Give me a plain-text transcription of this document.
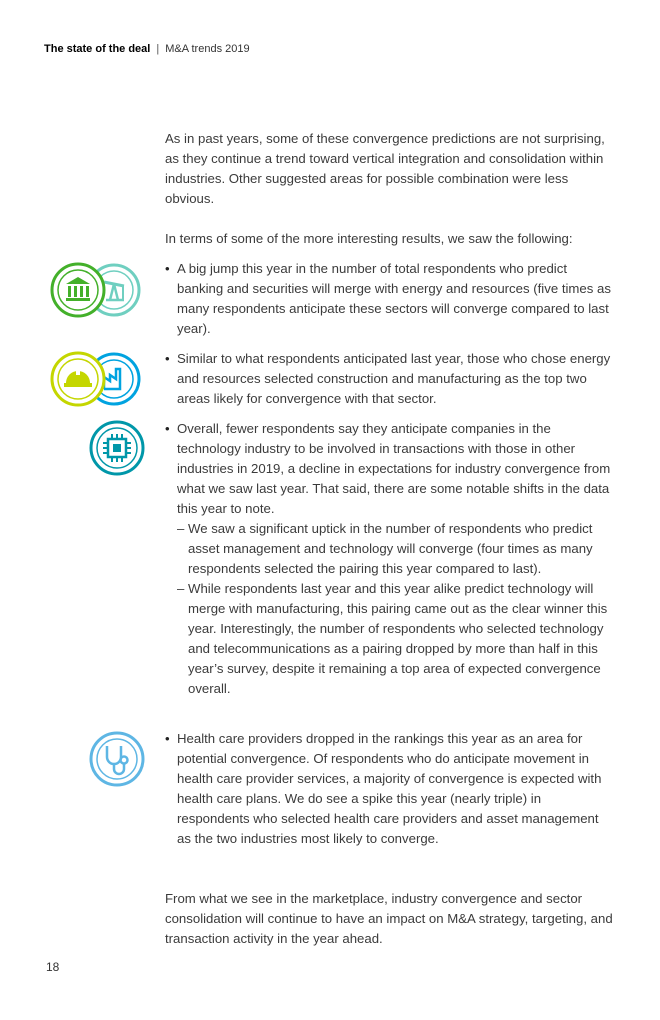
The state of the deal | M&A trends 2019
As in past years, some of these convergence predictions are not surprising, as they continue a trend toward vertical integration and consolidation within industries. Other suggested areas for possible combination were less obvious.
In terms of some of the more interesting results, we saw the following:
• A big jump this year in the number of total respondents who predict banking and securities will merge with energy and resources (five times as many respondents anticipate these sectors will converge compared to last year).
• Similar to what respondents anticipated last year, those who chose energy and resources selected construction and manufacturing as the top two areas likely for convergence with that sector.
• Overall, fewer respondents say they anticipate companies in the technology industry to be involved in transactions with those in other industries in 2019, a decline in expectations for industry convergence from what we saw last year. That said, there are some notable shifts in the data this year to note.
– We saw a significant uptick in the number of respondents who predict asset management and technology will converge (four times as many respondents selected the pairing this year compared to last).
– While respondents last year and this year alike predict technology will merge with manufacturing, this pairing came out as the clear winner this year. Interestingly, the number of respondents who selected technology and telecommunications as a pairing dropped by more than half in this year’s survey, despite it remaining a top area of expected convergence overall.
• Health care providers dropped in the rankings this year as an area for potential convergence. Of respondents who do anticipate movement in health care provider services, a majority of convergence is expected with health care plans. We do see a spike this year (nearly triple) in respondents who selected health care providers and asset management as the two industries most likely to converge.
From what we see in the marketplace, industry convergence and sector consolidation will continue to have an impact on M&A strategy, targeting, and transaction activity in the year ahead.
18
